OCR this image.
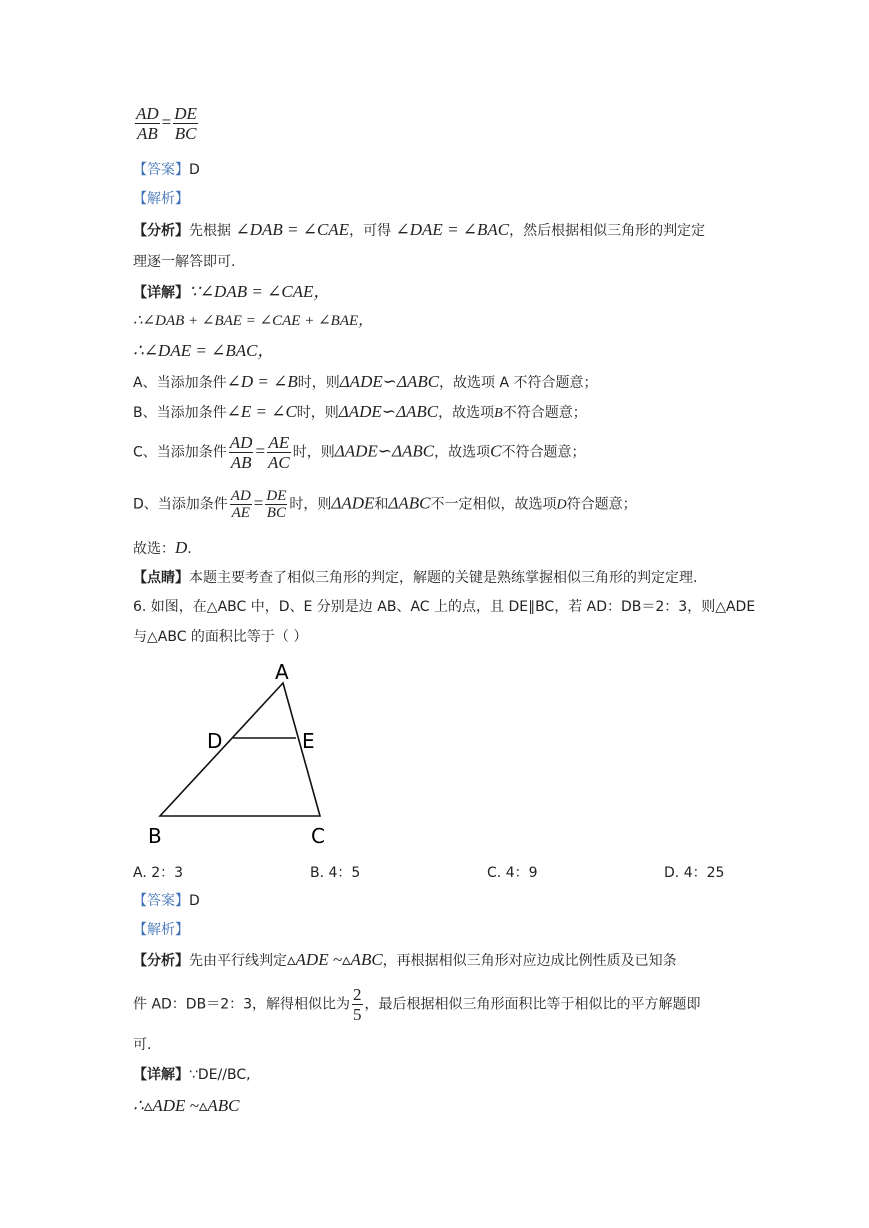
$\frac{AD}{AB} = \frac{DE}{BC}$
【答案】D
【解析】
【分析】先根据 ∠DAB = ∠CAE，可得 ∠DAE = ∠BAC，然后根据相似三角形的判定定
理逐一解答即可.
【详解】∵∠DAB = ∠CAE，
∴∠DAB + ∠BAE = ∠CAE + ∠BAE，
∴∠DAE = ∠BAC，
A、当添加条件∠D = ∠B时，则ΔADE∽ΔABC，故选项 A 不符合题意；
B、当添加条件∠E = ∠C时，则ΔADE∽ΔABC，故选项B不符合题意；
C、当添加条件 $\frac{AD}{AB} = \frac{AE}{AC}$ 时，则ΔADE∽ΔABC，故选项C不符合题意；
D、当添加条件 $\frac{AD}{AE} = \frac{DE}{BC}$ 时，则ΔADE和ΔABC不一定相似，故选项D符合题意；
故选：D.
【点睛】本题主要考查了相似三角形的判定，解题的关键是熟练掌握相似三角形的判定定理.
6. 如图，在△ABC 中，D、E 分别是边 AB、AC 上的点，且 DE∥BC，若 AD：DB＝2：3，则△ADE
与△ABC 的面积比等于（ ）
A
D	E
B	C
A. 2：3	B. 4：5	C. 4：9	D. 4：25
【答案】D
【解析】
【分析】先由平行线判定▵ADE ~▵ABC，再根据相似三角形对应边成比例性质及已知条
件 AD：DB＝2：3，解得相似比为 $\frac{2}{5}$ ，最后根据相似三角形面积比等于相似比的平方解题即
可.
【详解】∵DE//BC,
∴▵ADE ~▵ABC
